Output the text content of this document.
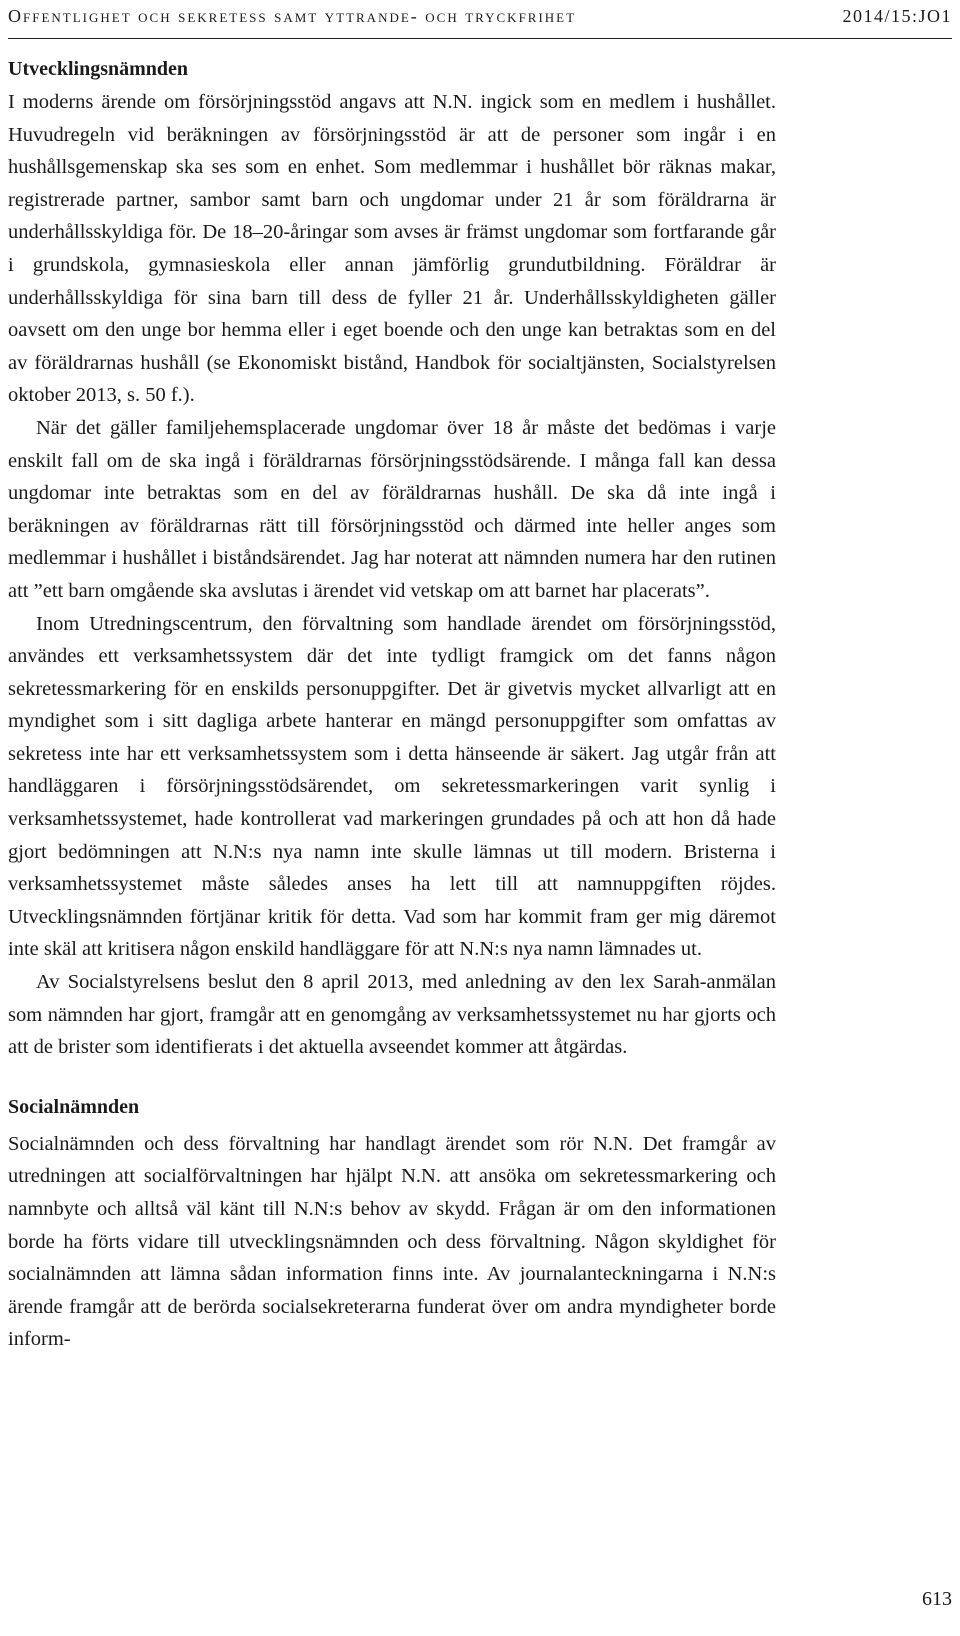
Offentlighet och sekretess samt yttrande- och tryckfrihet	2014/15:JO1
Utvecklingsnämnden

I moderns ärende om försörjningsstöd angavs att N.N. ingick som en medlem i hushållet. Huvudregeln vid beräkningen av försörjningsstöd är att de personer som ingår i en hushållsgemenskap ska ses som en enhet. Som medlemmar i hushållet bör räknas makar, registrerade partner, sambor samt barn och ungdomar under 21 år som föräldrarna är underhållsskyldiga för. De 18–20-åringar som avses är främst ungdomar som fortfarande går i grundskola, gymnasieskola eller annan jämförlig grundutbildning. Föräldrar är underhållsskyldiga för sina barn till dess de fyller 21 år. Underhållsskyldigheten gäller oavsett om den unge bor hemma eller i eget boende och den unge kan betraktas som en del av föräldrarnas hushåll (se Ekonomiskt bistånd, Handbok för socialtjänsten, Socialstyrelsen oktober 2013, s. 50 f.).

När det gäller familjehemsplacerade ungdomar över 18 år måste det bedömas i varje enskilt fall om de ska ingå i föräldrarnas försörjningsstödsärende. I många fall kan dessa ungdomar inte betraktas som en del av föräldrarnas hushåll. De ska då inte ingå i beräkningen av föräldrarnas rätt till försörjningsstöd och därmed inte heller anges som medlemmar i hushållet i biståndsärendet. Jag har noterat att nämnden numera har den rutinen att ”ett barn omgående ska avslutas i ärendet vid vetskap om att barnet har placerats”.

Inom Utredningscentrum, den förvaltning som handlade ärendet om försörjningsstöd, användes ett verksamhetssystem där det inte tydligt framgick om det fanns någon sekretessmarkering för en enskilds personuppgifter. Det är givetvis mycket allvarligt att en myndighet som i sitt dagliga arbete hanterar en mängd personuppgifter som omfattas av sekretess inte har ett verksamhetssystem som i detta hänseende är säkert. Jag utgår från att handläggaren i försörjningsstödsärendet, om sekretessmarkeringen varit synlig i verksamhetssystemet, hade kontrollerat vad markeringen grundades på och att hon då hade gjort bedömningen att N.N:s nya namn inte skulle lämnas ut till modern. Bristerna i verksamhetssystemet måste således anses ha lett till att namnuppgiften röjdes. Utvecklingsnämnden förtjänar kritik för detta. Vad som har kommit fram ger mig däremot inte skäl att kritisera någon enskild handläggare för att N.N:s nya namn lämnades ut.

Av Socialstyrelsens beslut den 8 april 2013, med anledning av den lex Sarah-anmälan som nämnden har gjort, framgår att en genomgång av verksamhetssystemet nu har gjorts och att de brister som identifierats i det aktuella avseendet kommer att åtgärdas.

Socialnämnden

Socialnämnden och dess förvaltning har handlagt ärendet som rör N.N. Det framgår av utredningen att socialförvaltningen har hjälpt N.N. att ansöka om sekretessmarkering och namnbyte och alltså väl känt till N.N:s behov av skydd. Frågan är om den informationen borde ha förts vidare till utvecklingsnämnden och dess förvaltning. Någon skyldighet för socialnämnden att lämna sådan information finns inte. Av journalanteckningarna i N.N:s ärende framgår att de berörda socialsekreterarna funderat över om andra myndigheter borde inform-

613
